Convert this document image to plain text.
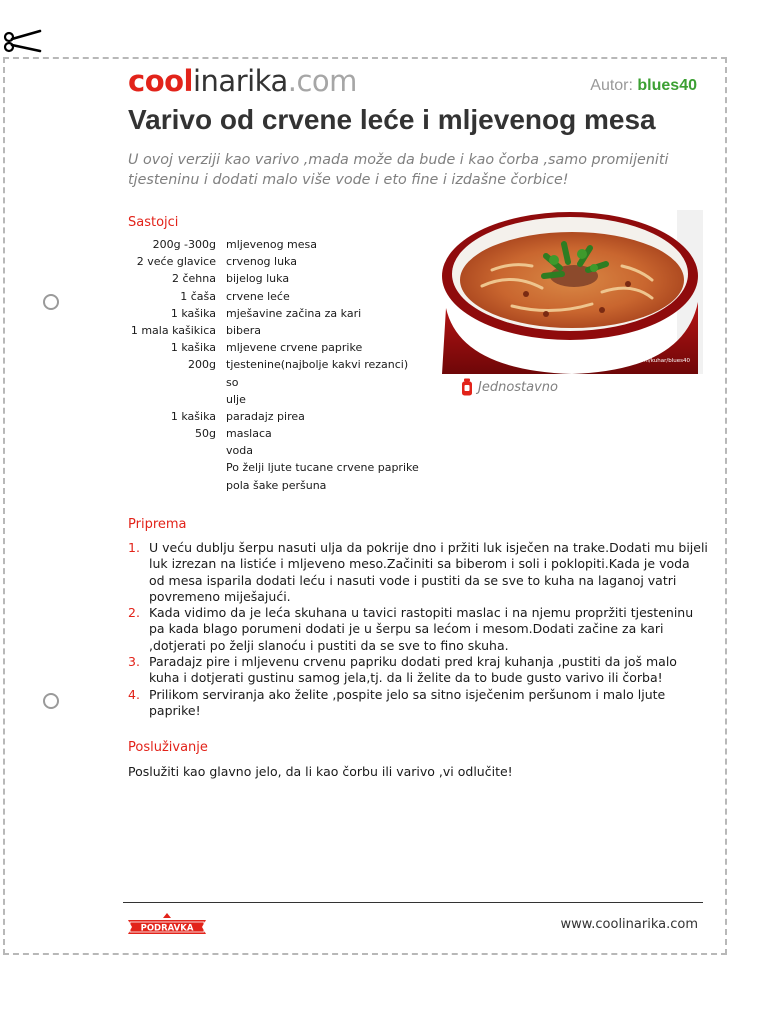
coolinarika.com	Autor: blues40
Varivo od crvene leće i mljevenog mesa
U ovoj verziji kao varivo ,mada može da bude i kao čorba ,samo promijeniti tjesteninu i dodati malo više vode i eto fine i izdašne čorbice!
Sastojci
200g -300g	mljevenog mesa
2 veće glavice	crvenog luka
2 čehna	bijelog luka
1 čaša	crvene leće
1 kašika	mješavine začina za kari
1 mala kašikica	bibera
1 kašika	mljevene crvene paprike
200g	tjestenine(najbolje kakvi rezanci)
	so
	ulje
1 kašika	paradajz pirea
50g	maslaca
	voda
	Po želji ljute tucane crvene paprike
	pola šake peršuna
coolinarika.com/kuhar/blues40
Jednostavno
Priprema
1. U veću dublju šerpu nasuti ulja da pokrije dno i pržiti luk isječen na trake.Dodati mu bijeli luk izrezan na listiće i mljeveno meso.Začiniti sa biberom i soli i poklopiti.Kada je voda od mesa isparila dodati leću i nasuti vode i pustiti da se sve to kuha na laganoj vatri povremeno miješajući.
2. Kada vidimo da je leća skuhana u tavici rastopiti maslac i na njemu propržiti tjesteninu pa kada blago porumeni dodati je u šerpu sa lećom i mesom.Dodati začine za kari ,dotjerati po želji slanoću i pustiti da se sve to fino skuha.
3. Paradajz pire i mljevenu crvenu papriku dodati pred kraj kuhanja ,pustiti da još malo kuha i dotjerati gustinu samog jela,tj. da li želite da to bude gusto varivo ili čorba!
4. Prilikom serviranja ako želite ,pospite jelo sa sitno isječenim peršunom i malo ljute paprike!
Posluživanje
Poslužiti kao glavno jelo, da li kao čorbu ili varivo ,vi odlučite!
PODRAVKA	www.coolinarika.com
